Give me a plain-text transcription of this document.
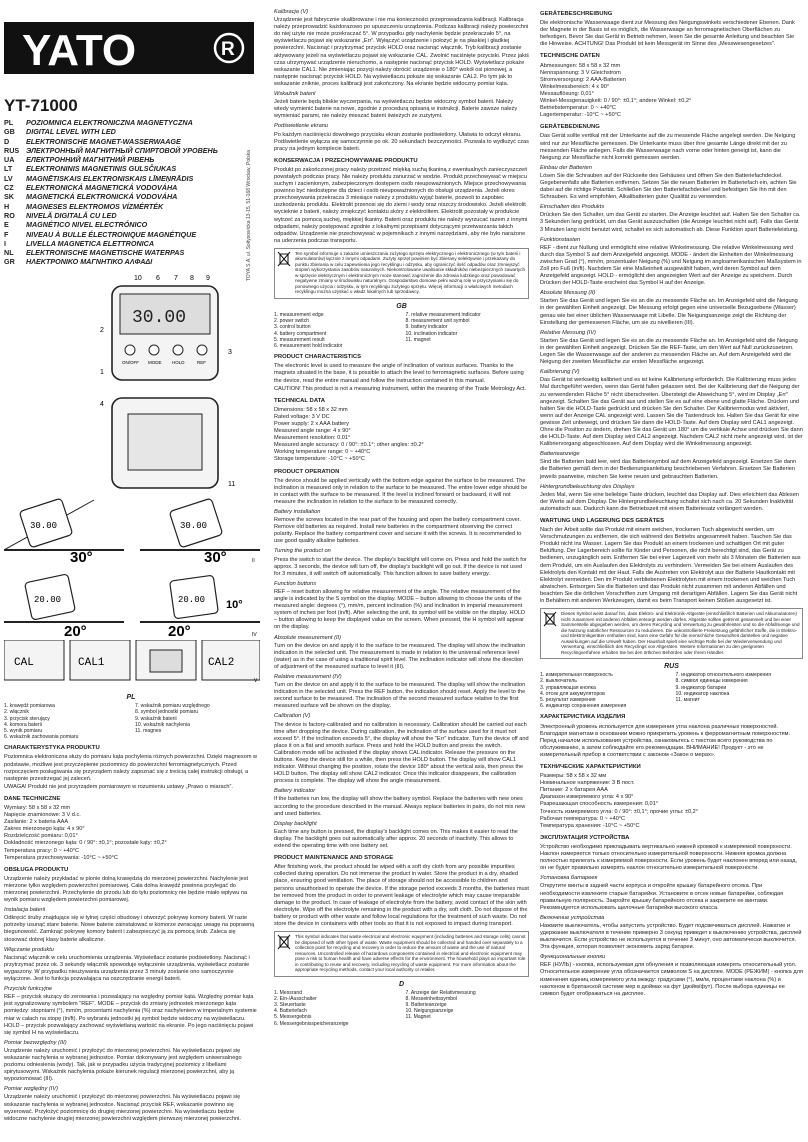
YATO	R
YT-71000
PL	POZIOMNICA ELEKTRONICZNA MAGNETYCZNA
GB	DIGITAL LEVEL WITH LED
D	ELEKTRONISCHE MAGNET-WASSERWAAGE
RUS ЭЛЕКТРОННЫЙ МАГНИТНЫЙ СПИРТОВОЙ УРОВЕНЬ
UA	ЕЛЕКТРОННИЙ МАГНІТНИЙ РІВЕНЬ
LT	ELEKTRONINIS MAGNETINIS GULSČIUKAS
LV	MAGNĒTISKAIS ELEKTRONISKAIS LĪMEŅRĀDIS
CZ	ELEKTRONICKÁ MAGNETICKÁ VODOVÁHA
SK	MAGNETICKÁ ELEKTRONICKÁ VODOVÁHA
H	MAGNESES ELEKTROMOS VÍZMÉRTÉK
RO	NIVELĂ DIGITALĂ CU LED
E	MAGNÉTICO NIVEL ELECTRÓNICO
F	NIVEAU À BULLE ÉLECTRONIQUE MAGNÉTIQUE
I	LIVELLA MAGNETICA ELETTRONICA
NL	ELEKTRONISCHE MAGNETISCHE WATERPAS
GR	ΗΛΕΚΤΡΟΝΙΚΟ ΜΑΓΝΗΤΙΚΟ ΑΛΦΑΔΙ	TOYA S.A. ul. Sołtysowicka 13-15, 51-168 Wrocław, Polska
30.00
ON/OFF MODE HOLD	REF
10 6 7 8 9
3
2
1
4
11
30.00
30°
30.00
30°	II
20.00
20°
20.00
20°
10°
IV
CAL	CAL1	CAL2
V
PL
1. krawędź pomiarowa	7. wskaźnik pomiaru względnego
2. włącznik	8. symbol jednostki pomiaru
3. przycisk sterujący	9. wskaźnik baterii
4. komora baterii	10. wskaźnik nachylenia
5. wynik pomiaru	11. magnes
6. wskaźnik zachowania pomiaru
CHARAKTERYSTYKA PRODUKTU

Poziomnica elektroniczna służy do pomiaru kąta pochylenia różnych powierzchni. Dzięki magnesom w podstawie, możliwe jest przyczepienie poziomnicy do powierzchni ferromagnetycznych. Przed rozpoczęciem posługiwania się przyrządem należy zapoznać się z treścią całej instrukcji obsługi, a następnie przestrzegać jej zaleceń.

UWAGA! Produkt nie jest przyrządem pomiarowym w rozumieniu ustawy „Prawo o miarach”.

DANE TECHNICZNE
Wymiary: 58 x 58 x 32 mm
Napięcie znamionowe: 3 V d.c.
Zasilanie: 2 x bateria AAA
Zakres mierzonego kąta: 4 x 90°
Rozdzielczość pomiaru: 0,01°
Dokładność mierzonego kąta: 0 / 90°: ±0,1°; pozostałe kąty: ±0,2°
Temperatura pracy: 0 ~ +40°C
Temperatura przechowywania: -10°C ~ +50°C
OBSŁUGA PRODUKTU

Urządzenie należy przykładać w pionie dolną krawędzią do mierzonej powierzchni. Nachylenie jest mierzone tylko względem powierzchni pomiarowej. Cała dolna krawędź powinna przylegać do mierzonej powierzchni. Przechylenie do przodu lub do tyłu poziomnicy nie będzie miało wpływu na wynik pomiaru względem powierzchni pomiarowej.

Instalacja baterii

Odkręcić śruby znajdujące się w tylnej części obudowy i otworzyć pokrywę komory baterii. W razie potrzeby usunąć stare baterie. Nowe baterie zainstalować w komorze zwracając uwagę na poprawną biegunowość. Zamknąć pokrywę komory baterii i zabezpieczyć ją za pomocą śrub. Zaleca się stosować dobrej klasy baterie alkaliczne.

Włączanie produktu

Nacisnąć włącznik w celu uruchomienia urządzenia. Wyświetlacz zostanie podświetlony. Nacisnąć i przytrzymać przez ok. 3 sekundy włącznik spowoduje wyłączenie urządzenia, wyświetlacz zostanie wygaszony. W przypadku nieużywania urządzenia przez 3 minuty zostanie ono samoczynnie wyłączone. Jest to funkcja pozwalająca na oszczędzanie energii baterii.

Przyciski funkcyjne

REF – przycisk służący do zerowania i pozwalający na względny pomiar kąta. Względny pomiar kąta jest sygnalizowany symbolem "REF". MODE – przycisk do zmiany jednostek mierzonego kąta pomiędzy: stopniami (°), mm/m, procentami nachylenia (%) oraz nachyleniem w imperialnym systemie miar w calach na stopę (in/ft). Po wybraniu jednostki jej symbol będzie widoczny na wyświetlaczu. HOLD – przycisk pozwalający zachować wyświetlaną wartość na ekranie. Po jego naciśnięciu pojawi się symbol H na wyświetlaczu.

Pomiar bezwzględny (III)

Urządzenie należy uruchomić i przyłożyć do mierzonej powierzchni. Na wyświetlaczu pojawi się wskazanie nachylenia w wybranej jednostce. Pomiar dokonywany jest względem uniwersalnego poziomu odniesienia (wody). Tak, jak w przypadku użycia tradycyjnej poziomicy z libellami spirytusowymi. Wskaźnik nachylenia pokaże kierunek regulacji mierzonej powierzchni, aby ją wypoziomować (III).

Pomiar względny (IV)

Urządzenie należy uruchomić i przyłożyć do mierzonej powierzchni. Na wyświetlaczu pojawi się wskazanie nachylenia w wybranej jednostce. Nacisnąć przycisk REF, wskazanie powinno się wyzerować. Przyłożyć poziomnicę do drugiej mierzonej powierzchni. Na wyświetlaczu będzie widoczne nachylenie drugiej mierzonej powierzchni względem pierwszej mierzonej powierzchni.

Kalibracja (V)

Urządzenie jest fabrycznie skalibrowane i nie ma konieczności przeprowadzania kalibracji. Kalibracja należy przeprowadzić każdorazowo po upuszczeniu urządzenia. Podczas kalibracji należy powierzchni do niej użyte nie może przekraczać 5°. W przypadku gdy nachylenie będzie przekraczało 5°, na wyświetlaczu pojawi się wskazanie „Err”. Wyłączyć urządzenie i położyć je na płaskiej i gładkiej powierzchni. Nacisnąć i przytrzymać przycisk HOLD oraz nacisnąć włącznik. Tryb kalibracji zostanie aktywowany jeżeli na wyświetlaczu pojawi się wskazanie CAL. Zwolnić naciśnięte przyciski. Przez jakiś czas utrzymywać urządzenie nieruchomo, a następnie nacisnąć przycisk HOLD. Wyświetlacz pokaże wskazanie CAL1. Nie zmieniając pozycji należy obrócić urządzenie o 180° wokół osi pionowej, a następnie nacisnąć przycisk HOLD. Na wyświetlaczu pokaże się wskazanie CAL2. Po tym jak to wskazanie zniknie, proces kalibracji jest zakończony. Na ekranie będzie widoczny pomiar kąta.

Wskaźnik baterii

Jeżeli baterie będą bliskie wyczerpania, na wyświetlaczu będzie widoczny symbol baterii. Należy wtedy wymienić baterie na nowe, zgodnie z procedurą opisaną w instrukcji. Baterie zawsze należy wymieniać parami, nie należy mieszać baterii świeżych ze zużytymi.

Podświetlenie ekranu

Po każdym naciśnięciu dowolnego przycisku ekran zostanie podświetlony. Ułatwia to odczyt ekranu. Podświetlenie wyłącza się samoczynnie po ok. 20 sekundach bezczynności. Pozwala to wydłużyć czas pracy na jednym komplecie baterii.

KONSERWACJA I PRZECHOWYWANIE PRODUKTU

Produkt po zakończonej pracy należy przetrzeć miękką suchą tkaniną z ewentualnych zanieczyszczeń powstałych podczas pracy. Nie należy produktu zanurzać w wodzie. Produkt przechowywać w miejscu suchym i zacienionym, zabezpieczonym dostępem osób nieupoważnionych. Miejsce przechowywania powinno być niedostępne dla dzieci i osób nieupoważnionych do obsługi urządzenia. Jeżeli okres przechowywania przekracza 3 miesiące należy z produktu wyjąć baterie, pozwoli to zapobiec uszkodzeniu produktu. Elektrolit przenosi się do ziemi i wody oraz niszczy środowisko. Jeżeli elektrolit wycieknie z baterii, należy zmiękczyć kontaktu skóry z elektrolitem. Elektrolit pozostały w produkcie wytrzeć za pomocą suchej, miękkiej tkaniny. Baterii oraz produktu nie należy wyrzucać razem z innymi odpadami, należy postępować zgodnie z lokalnymi przepisami dotyczącymi przetwarzania takich odpadów. Urządzenie nie przechowywać w pojemnikach z innymi narzędziami, aby nie było narażone na uderzenia podczas transportu.

Ten symbol informuje o zakazie umieszczania zużytego sprzętu elektrycznego i elektronicznego (w tym baterii i akumulatorów) łącznie z innymi odpadami. Zużyty sprzęt powinien być zbierany selektywnie i przekazany do punktu zbierania w celu zapewnienia jego recyklingu i odzysku, aby ograniczyć ilość odpadów oraz zmniejszyć stopień wykorzystania zasobów naturalnych. Niekontrolowane uwalnianie składników niebezpiecznych zawartych w sprzęcie elektrycznym i elektronicznym może stanowić zagrożenie dla zdrowia ludzkiego oraz powodować negatywne zmiany w środowisku naturalnym. Gospodarstwo domowe pełni ważną rolę w przyczynianiu się do ponownego użycia i odzysku, w tym recyklingu zużytego sprzętu. Więcej informacji o właściwych metodach recyklingu można uzyskać u władz lokalnych lub sprzedawcy.

GB
1. measurement edge	7. relative measurement indicator
2. power switch	8. measurement unit symbol
3. control button	9. battery indicator
4. battery compartment	10. inclination indicator
5. measurement result	11. magnet
6. measurement hold indicator
PRODUCT CHARACTERISTICS

The electronic level is used to measure the angle of inclination of various surfaces. Thanks to the magnets situated in the base, it is possible to attach the level to ferromagnetic surfaces. Before using the device, read the entire manual and follow the instruction contained in this manual.

CAUTION! This product is not a measuring instrument, within the meaning of the Trade Metrology Act.

TECHNICAL DATA
Dimensions: 58 x 58 x 32 mm
Rated voltage: 3 V DC
Power supply: 2 x AAA battery
Measured angle range: 4 x 90°
Measurement resolution: 0.01°
Measured angle accuracy: 0 / 90°: ±0.1°; other angles: ±0.2°
Working temperature range: 0 ~ +40°C
Storage temperature: -10°C ~ +50°C
PRODUCT OPERATION

The device should be applied vertically with the bottom edge against the surface to be measured. The inclination is measured only in relation to the surface to be measured. The entire lower edge should be in contact with the surface to be measured. If the level is inclined forward or backward, it will not measure the inclination in relation to the surface to be measured correctly.

Battery installation

Remove the screws located in the rear part of the housing and open the battery compartment cover. Remove old batteries as required. Install new batteries in the compartment observing the correct polarity. Replace the battery compartment cover and secure it with the screws. It is recommended to use good quality alkaline batteries.

Turning the product on

Press the switch to start the device. The display's backlight will come on. Press and hold the switch for approx. 3 seconds, the device will turn off, the display's backlight will go out. If the device is not used for 3 minutes, it will switch off automatically. This function allows to save battery energy.

Function buttons

REF – reset button allowing for relative measurement of the angle. The relative measurement of the angle is indicated by the S symbol on the display. MODE – button allowing to choose the units of the measured angle: degrees (°), mm/m, percent inclination (%) and inclination in imperial measurement system of inches per foot (in/ft). After selecting the unit, its symbol will be visible on the display. HOLD – button allowing to keep the displayed value on the screen. When pressed, the H symbol will appear on the display.

Absolute measurement (II)

Turn on the device on and apply it to the surface to be measured. The display will show the inclination indication in the selected unit. The measurement is made in relation to the universal reference level (water) as in the case of using a traditional spirit level. The inclination indicator will show the direction of adjustment of the measured surface to level it (III).

Relative measurement (IV)

Turn on the device on and apply it to the surface to be measured. The display will show the inclination indication in the selected unit. Press the REF button, the indication should reset. Apply the level to the second surface to be measured. The inclination of the second measured surface relative to the first measured surface will be shown on the display.

Calibration (V)

The device is factory-calibrated and no calibration is necessary. Calibration should be carried out each time after dropping the device. During calibration, the inclination of the surface used for it must not exceed 5°. If the inclination exceeds 5°, the display will show the "Err" indicator. Turn the device off and place it on a flat and smooth surface. Press and hold the HOLD button and press the switch. Calibration mode will be activated if the display shows CAL indicator. Release the pressure on the buttons. Keep the device still for a while, then press the HOLD button. The display will show CAL1 indicator. Without changing the position, rotate the device 180° about the vertical axis, then press the HOLD button. The display will show CAL2 indicator. Once this indicator disappears, the calibration process is complete. The display will show the angle measurement.

Battery indicator

If the batteries run low, the display will show the battery symbol. Replace the batteries with new ones according to the procedure described in the manual. Always replace batteries in pairs, do not mix new and used batteries.

Display backlight

Each time any button is pressed, the display's backlight comes on. This makes it easier to read the display. The backlight goes out automatically after approx. 20 seconds of inactivity. This allows to extend the operating time with one battery set.

PRODUCT MAINTENANCE AND STORAGE

After finishing work, the product should be wiped with a soft dry cloth from any possible impurities collected during operation. Do not immerse the product in water. Store the product in a dry, shaded place, ensuring good ventilation. The place of storage should not be accessible to children and persons unauthorised to operate the device. If the storage period exceeds 3 months, the batteries must be removed from the product in order to prevent leakage of electrolyte which may cause irreparable damage to the product. In case of leakage of electrolyte from the battery, avoid contact of the skin with electrolyte. Wipe off the electrolyte remaining in the product with a dry, soft cloth. Do not dispose of the battery or product with other waste and follow local regulations for the treatment of such waste. Do not store the device in containers with other tools so that it is not exposed to impact during transport.

This symbol indicates that waste electrical and electronic equipment (including batteries and storage cells) cannot be disposed of with other types of waste. Waste equipment should be collected and handed over separately to a collection point for recycling and recovery in order to reduce the amount of waste and the use of natural resources. Uncontrolled release of hazardous components contained in electrical and electronic equipment may pose a risk to human health and have adverse effects for the environment. The household plays an important role in contributing to reuse and recovery, including recycling of waste equipment. For more information about the appropriate recycling methods, contact your local authority or retailer.

D
1. Messrand	7. Anzeige der Relativmessung
2. Ein-/Ausschalter	8. Messeinheitssymbol
3. Steuertaste	9. Batterieanzeige
4. Batteriefach	10. Neigungsanzeige
5. Messergebnis	11. Magnet
6. Messergebnisspeicheranzeige
GERÄTEBESCHREIBUNG

Die elektronische Wasserwaage dient zur Messung des Neigungswinkels verschiedener Ebenen. Dank der Magnete in der Basis ist es möglich, die Wasserwaage an ferromagnetischen Oberflächen zu befestigen. Bevor Sie das Gerät in Betrieb nehmen, lesen Sie die gesamte Anleitung und beachten Sie die Hinweise. ACHTUNG! Das Produkt ist kein Messgerät im Sinne des „Messwesengesetzes".

TECHNISCHE DATEN
Abmessungen: 58 x 58 x 32 mm
Nennspannung: 3 V Gleichstrom
Stromversorgung: 2 AAA-Batterien
Winkelmessbereich: 4 x 90°
Messauflösung: 0,01°
Winkel-Messgenauigkeit: 0 / 90°: ±0,1°; andere Winkel: ±0,2°
Betriebstemperatur: 0 ~ +40°C
Lagertemperatur: -10°C ~ +50°C
GERÄTEBEDIENUNG

Das Gerät sollte vertikal mit der Unterkante auf die zu messende Fläche angelegt werden. Die Neigung wird nur zur Messfläche gemessen. Die Unterkante muss über ihre gesamte Länge direkt mit der zu messenden Fläche anliegen. Falls die Wasserwaage nach vorne oder hinten geneigt ist, kann die Neigung zur Messfläche nicht korrekt gemessen werden.

Einbau der Batterien

Lösen Sie die Schrauben auf der Rückseite des Gehäuses und öffnen Sie den Batteriefachdeckel. Gegebenenfalls alte Batterien entfernen. Setzen Sie die neuen Batterien im Batteriefach ein, achten Sie dabei auf die richtige Polarität. Schließen Sie den Batteriefachdeckel und befestigen Sie ihn mit den Schrauben. Es wird empfohlen, Alkalibatterien guter Qualität zu verwenden.

Einschalten des Produkts

Drücken Sie den Schalter, um das Gerät zu starten. Die Anzeige leuchtet auf. Halten Sie den Schalter ca. 3 Sekunden lang gedrückt, um das Gerät auszuschalten (die Anzeige leuchtet nicht auf). Falls das Gerät 3 Minuten lang nicht benutzt wird, schaltet es sich automatisch ab. Diese Funktion spart Batterieleistung.

Funktionstasten

REF - dient zur Nullung und ermöglicht eine relative Winkelmessung. Die relative Winkelmessung wird durch das Symbol S auf dem Anzeigefeld angezeigt. MODE - ändert die Einheiten der Winkelmessung zwischen Grad (°), mm/m, prozentualer Neigung (%) und Neigung im angloamerikanischen Maßsystem in Zoll pro Fuß (in/ft). Nachdem Sie eine Maßeinheit ausgewählt haben, wird deren Symbol auf dem Anzeigefeld angezeigt. HOLD - ermöglicht den angezeigten Wert auf der Anzeige zu speichern. Durch Drücken der HOLD-Taste erscheint das Symbol H auf der Anzeige.

Absolute Messung (II)

Starten Sie das Gerät und legen Sie es an die zu messende Fläche an. Im Anzeigefeld wird die Neigung in der gewählten Einheit angezeigt. Die Messung erfolgt gegen eine universelle Bezugsebene (Wasser) genau wie bei einer üblichen Wasserwaage mit Libelle. Die Neigungsanzeige zeigt die Richtung der Einstellung der gemessenen Fläche, um sie zu nivellieren (III).

Relative Messung (IV)

Starten Sie das Gerät und legen Sie es an die zu messende Fläche an. Im Anzeigefeld wird die Neigung in der gewählten Einheit angezeigt. Drücken Sie die REF-Taste, um den Wert auf Null zurückzusetzen. Legen Sie die Wasserwaage auf der anderen zu messenden Fläche an. Auf dem Anzeigefeld wird die Neigung der zweiten Messfläche zur ersten Messfläche angezeigt.

Kalibrierung (V)

Das Gerät ist werkseitig kalibriert und es ist keine Kalibrierung erforderlich. Die Kalibrierung muss jedes Mal durchgeführt werden, wenn das Gerät fallen gelassen wird. Bei der Kalibrierung darf die Neigung der zu verwendenden Fläche 5° nicht überschreiten. Übersteigt die Abweichung 5°, wird im Display „Err" angezeigt. Schalten Sie das Gerät aus und stellen Sie es auf eine ebene und glatte Fläche. Drücken und halten Sie die HOLD-Taste gedrückt und drücken Sie den Schalter. Der Kalibriermodus wird aktiviert, wenn auf der Anzeige CAL angezeigt wird. Lassen Sie die Tastendruck los. Halten Sie das Gerät für eine gewisse Zeit unbewegt, und drücken Sie dann die HOLD-Taste. Auf dem Display wird CAL1 angezeigt. Ohne die Position zu ändern, drehen Sie das Gerät um 180° um die vertikale Achse und drücken Sie dann die HOLD-Taste. Auf dem Display wird CAL2 angezeigt. Nachdem CAL2 nicht mehr angezeigt wird, ist der Kalibriervorgang abgeschlossen. Auf dem Display wird die Winkelmessung angezeigt.

Batterieanzeige

Sind die Batterien bald leer, wird das Batteriesymbol auf dem Anzeigefeld angezeigt. Ersetzen Sie dann die Batterien gemäß dem in der Bedienungsanleitung beschriebenen Verfahren. Ersetzen Sie Batterien jeweils paarweise, mischen Sie keine neuen und gebrauchten Batterien.

Hintergrundbeleuchtung des Displays

Jedes Mal, wenn Sie eine beliebige Taste drücken, leuchtet das Display auf. Dies erleichtert das Ablesen der Werte auf dem Display. Die Hintergrundbeleuchtung schaltet sich nach ca. 20 Sekunden Inaktivität automatisch aus. Dadurch kann die Betriebszeit mit einem Batteriesatz verlängert werden.

WARTUNG UND LAGERUNG DES GERÄTES

Nach der Arbeit sollte das Produkt mit einem weichen, trockenen Tuch abgewischt werden, um Verschmutzungen zu entfernen, die sich während des Betriebs angesammelt haben. Tauchen Sie das Produkt nicht ins Wasser. Lagern Sie das Produkt an einem trockenen und schattigen Ort mit guter Belüftung. Der Lagerbereich sollte für Kinder und Personen, die nicht berechtigt sind, das Gerät zu bedienen, unzugänglich sein. Entfernen Sie bei einer Lagerzeit von mehr als 3 Monaten die Batterien aus dem Produkt, um ein Auslaufen des Elektrolyts zu verhindern. Vermeiden Sie bei einem Auslaufen des Elektrolyts den Kontakt mit der Haut. Falls die Austreten von Elektrolyt aus der Batterie Hautkontakt mit Elektrolyt vermeiden. Den im Produkt verbliebenen Elektrolyten mit einem trockenen und weichen Tuch abwischen. Entsorgen Sie die Batterien und das Produkt nicht zusammen mit anderen Abfällen und beachten Sie die örtlichen Vorschriften zum Umgang mit derartigen Abfällen. Lagern Sie das Gerät nicht in Behältern mit anderen Werkzeugen, damit es beim Transport keinen Stößen ausgesetzt ist.

Dieses Symbol weist darauf hin, dass Elektro- und Elektronik-Altgeräte (einschließlich Batterien und Akkumulatoren) nicht zusammen mit anderen Abfällen entsorgt werden dürfen. Altgeräte sollten getrennt gesammelt und bei einer Sammelstelle abgegeben werden, um deren Recycling und Verwertung zu gewährleisten und so die Abfallmenge und die Nutzung natürlicher Ressourcen zu reduzieren. Die unkontrollierte Freisetzung gefährlicher Stoffe, die in Elektro- und Elektronikgeräten enthalten sind, kann eine Gefahr für die menschliche Gesundheit darstellen und negative Auswirkungen auf die Umwelt haben. Der Haushalt spielt eine wichtige Rolle bei der Wiederverwendung und Verwertung, einschließlich des Recyclings von Altgeräten. Weitere Informationen zu den geeigneten Recyclingverfahren erhalten Sie bei den örtlichen Behörden oder Ihrem Händler.

RUS
1. измерительная поверхность	7. индикатор относительного измерения
2. выключатель	8. символ единицы измерения
3. управляющая кнопка	9. индикатор батареи
4. отсек для аккумуляторов	10. индикатор наклона
5. результат измерения	11. магнит
6. индикатор сохранения измерения
ХАРАКТЕРИСТИКА ИЗДЕЛИЯ

Электронный уровень используется для измерения угла наклона различных поверхностей. Благодаря магнитам в основании можно прикрепить уровень к ферромагнитным поверхностям. Перед началом использования устройства, ознакомьтесь с текстом всего руководства по обслуживанию, а затем соблюдайте его рекомендации. ВНИМАНИЕ! Продукт - это не измерительный прибор в соответствии с законом «Закон о мерах».

ТЕХНИЧЕСКИЕ ХАРАКТЕРИСТИКИ
Размеры: 58 x 58 x 32 мм
Номинальное напряжение: 3 В пост.
Питание: 2 x батарея AAA
Диапазон измеряемого угла: 4 x 90°
Разрешающая способность измерения: 0,01°
Точность измеряемого угла: 0 / 90°: ±0,1°; прочие углы: ±0,2°
Рабочая температура: 0 ~ +40°C
Температура хранения: -10°C ~ +50°C
ЭКСПЛУАТАЦИЯ УСТРОЙСТВА

Устройство необходимо прикладывать вертикально нижней кромкой к измеряемой поверхности. Наклон измеряется только относительно измерительной поверхности. Нижняя кромка должна полностью прилегать к измеряемой поверхности. Если уровень будет наклонен вперед или назад, он не будет правильно измерять наклон относительно измерительной поверхности.

Установка батареек

Открутите винты в задней части корпуса и откройте крышку батарейного отсека. При необходимости извлеките старые батарейки. Установите в отсек новые батарейки, соблюдая правильную полярность. Закройте крышку батарейного отсека и закрепите ее винтами. Рекомендуется использовать щелочные батарейки высокого класса.

Включение устройства

Нажмите выключатель, чтобы запустить устройство. Будет подсвечиваться дисплей. Нажатие и удержание выключателя в течение примерно 3 секунд приведет к выключению устройства, дисплей выключится. Если устройство не используется в течение 3 минут, оно автоматически выключится. Эта функция, которая позволяет экономить заряд батареи.

Функциональные кнопки

REF (НУЛЬ) - кнопка, используемая для обнуления и позволяющая измерять относительный угол. Относительное измерение угла обозначается символом S на дисплее. MODE (РЕЖИМ) - кнопка для изменения единиц измеряемого угла между: градусами (°), мм/м, процентами наклона (%) и наклоном в британской системе мер в дюймах на фут (дюйм/фут). После выбора единицы ее символ будет отображаться на дисплее.
